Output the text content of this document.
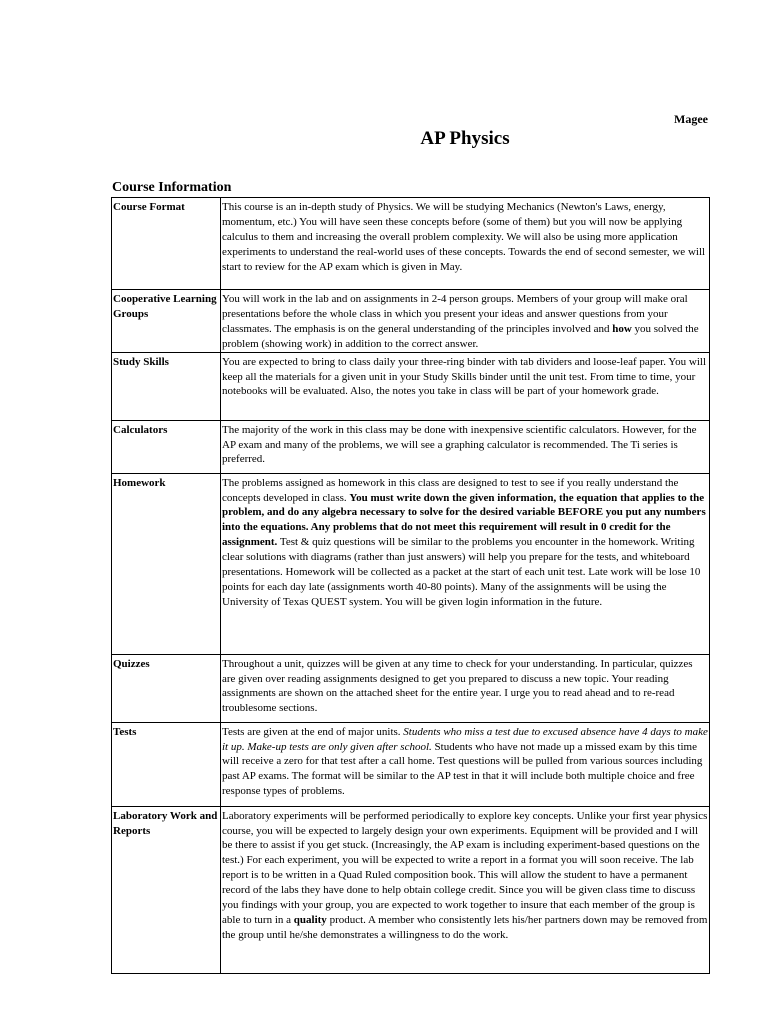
Magee
AP Physics
Course Information
Course Format	This course is an in-depth study of Physics. We will be studying Mechanics (Newton's Laws, energy, momentum, etc.) You will have seen these concepts before (some of them) but you will now be applying calculus to them and increasing the overall problem complexity. We will also be using more application experiments to understand the real-world uses of these concepts. Towards the end of second semester, we will start to review for the AP exam which is given in May.
Cooperative Learning Groups	You will work in the lab and on assignments in 2-4 person groups. Members of your group will make oral presentations before the whole class in which you present your ideas and answer questions from your classmates. The emphasis is on the general understanding of the principles involved and how you solved the problem (showing work) in addition to the correct answer.
Study Skills	You are expected to bring to class daily your three-ring binder with tab dividers and loose-leaf paper. You will keep all the materials for a given unit in your Study Skills binder until the unit test. From time to time, your notebooks will be evaluated. Also, the notes you take in class will be part of your homework grade.
Calculators	The majority of the work in this class may be done with inexpensive scientific calculators. However, for the AP exam and many of the problems, we will see a graphing calculator is recommended. The Ti series is preferred.
Homework	The problems assigned as homework in this class are designed to test to see if you really understand the concepts developed in class. You must write down the given information, the equation that applies to the problem, and do any algebra necessary to solve for the desired variable BEFORE you put any numbers into the equations. Any problems that do not meet this requirement will result in 0 credit for the assignment. Test & quiz questions will be similar to the problems you encounter in the homework. Writing clear solutions with diagrams (rather than just answers) will help you prepare for the tests, and whiteboard presentations. Homework will be collected as a packet at the start of each unit test. Late work will be lose 10 points for each day late (assignments worth 40-80 points). Many of the assignments will be using the University of Texas QUEST system. You will be given login information in the future.
Quizzes	Throughout a unit, quizzes will be given at any time to check for your understanding. In particular, quizzes are given over reading assignments designed to get you prepared to discuss a new topic. Your reading assignments are shown on the attached sheet for the entire year. I urge you to read ahead and to re-read troublesome sections.
Tests	Tests are given at the end of major units. Students who miss a test due to excused absence have 4 days to make it up. Make-up tests are only given after school. Students who have not made up a missed exam by this time will receive a zero for that test after a call home. Test questions will be pulled from various sources including past AP exams. The format will be similar to the AP test in that it will include both multiple choice and free response types of problems.
Laboratory Work and Reports	Laboratory experiments will be performed periodically to explore key concepts. Unlike your first year physics course, you will be expected to largely design your own experiments. Equipment will be provided and I will be there to assist if you get stuck. (Increasingly, the AP exam is including experiment-based questions on the test.) For each experiment, you will be expected to write a report in a format you will soon receive. The lab report is to be written in a Quad Ruled composition book. This will allow the student to have a permanent record of the labs they have done to help obtain college credit. Since you will be given class time to discuss you findings with your group, you are expected to work together to insure that each member of the group is able to turn in a quality product. A member who consistently lets his/her partners down may be removed from the group until he/she demonstrates a willingness to do the work.
